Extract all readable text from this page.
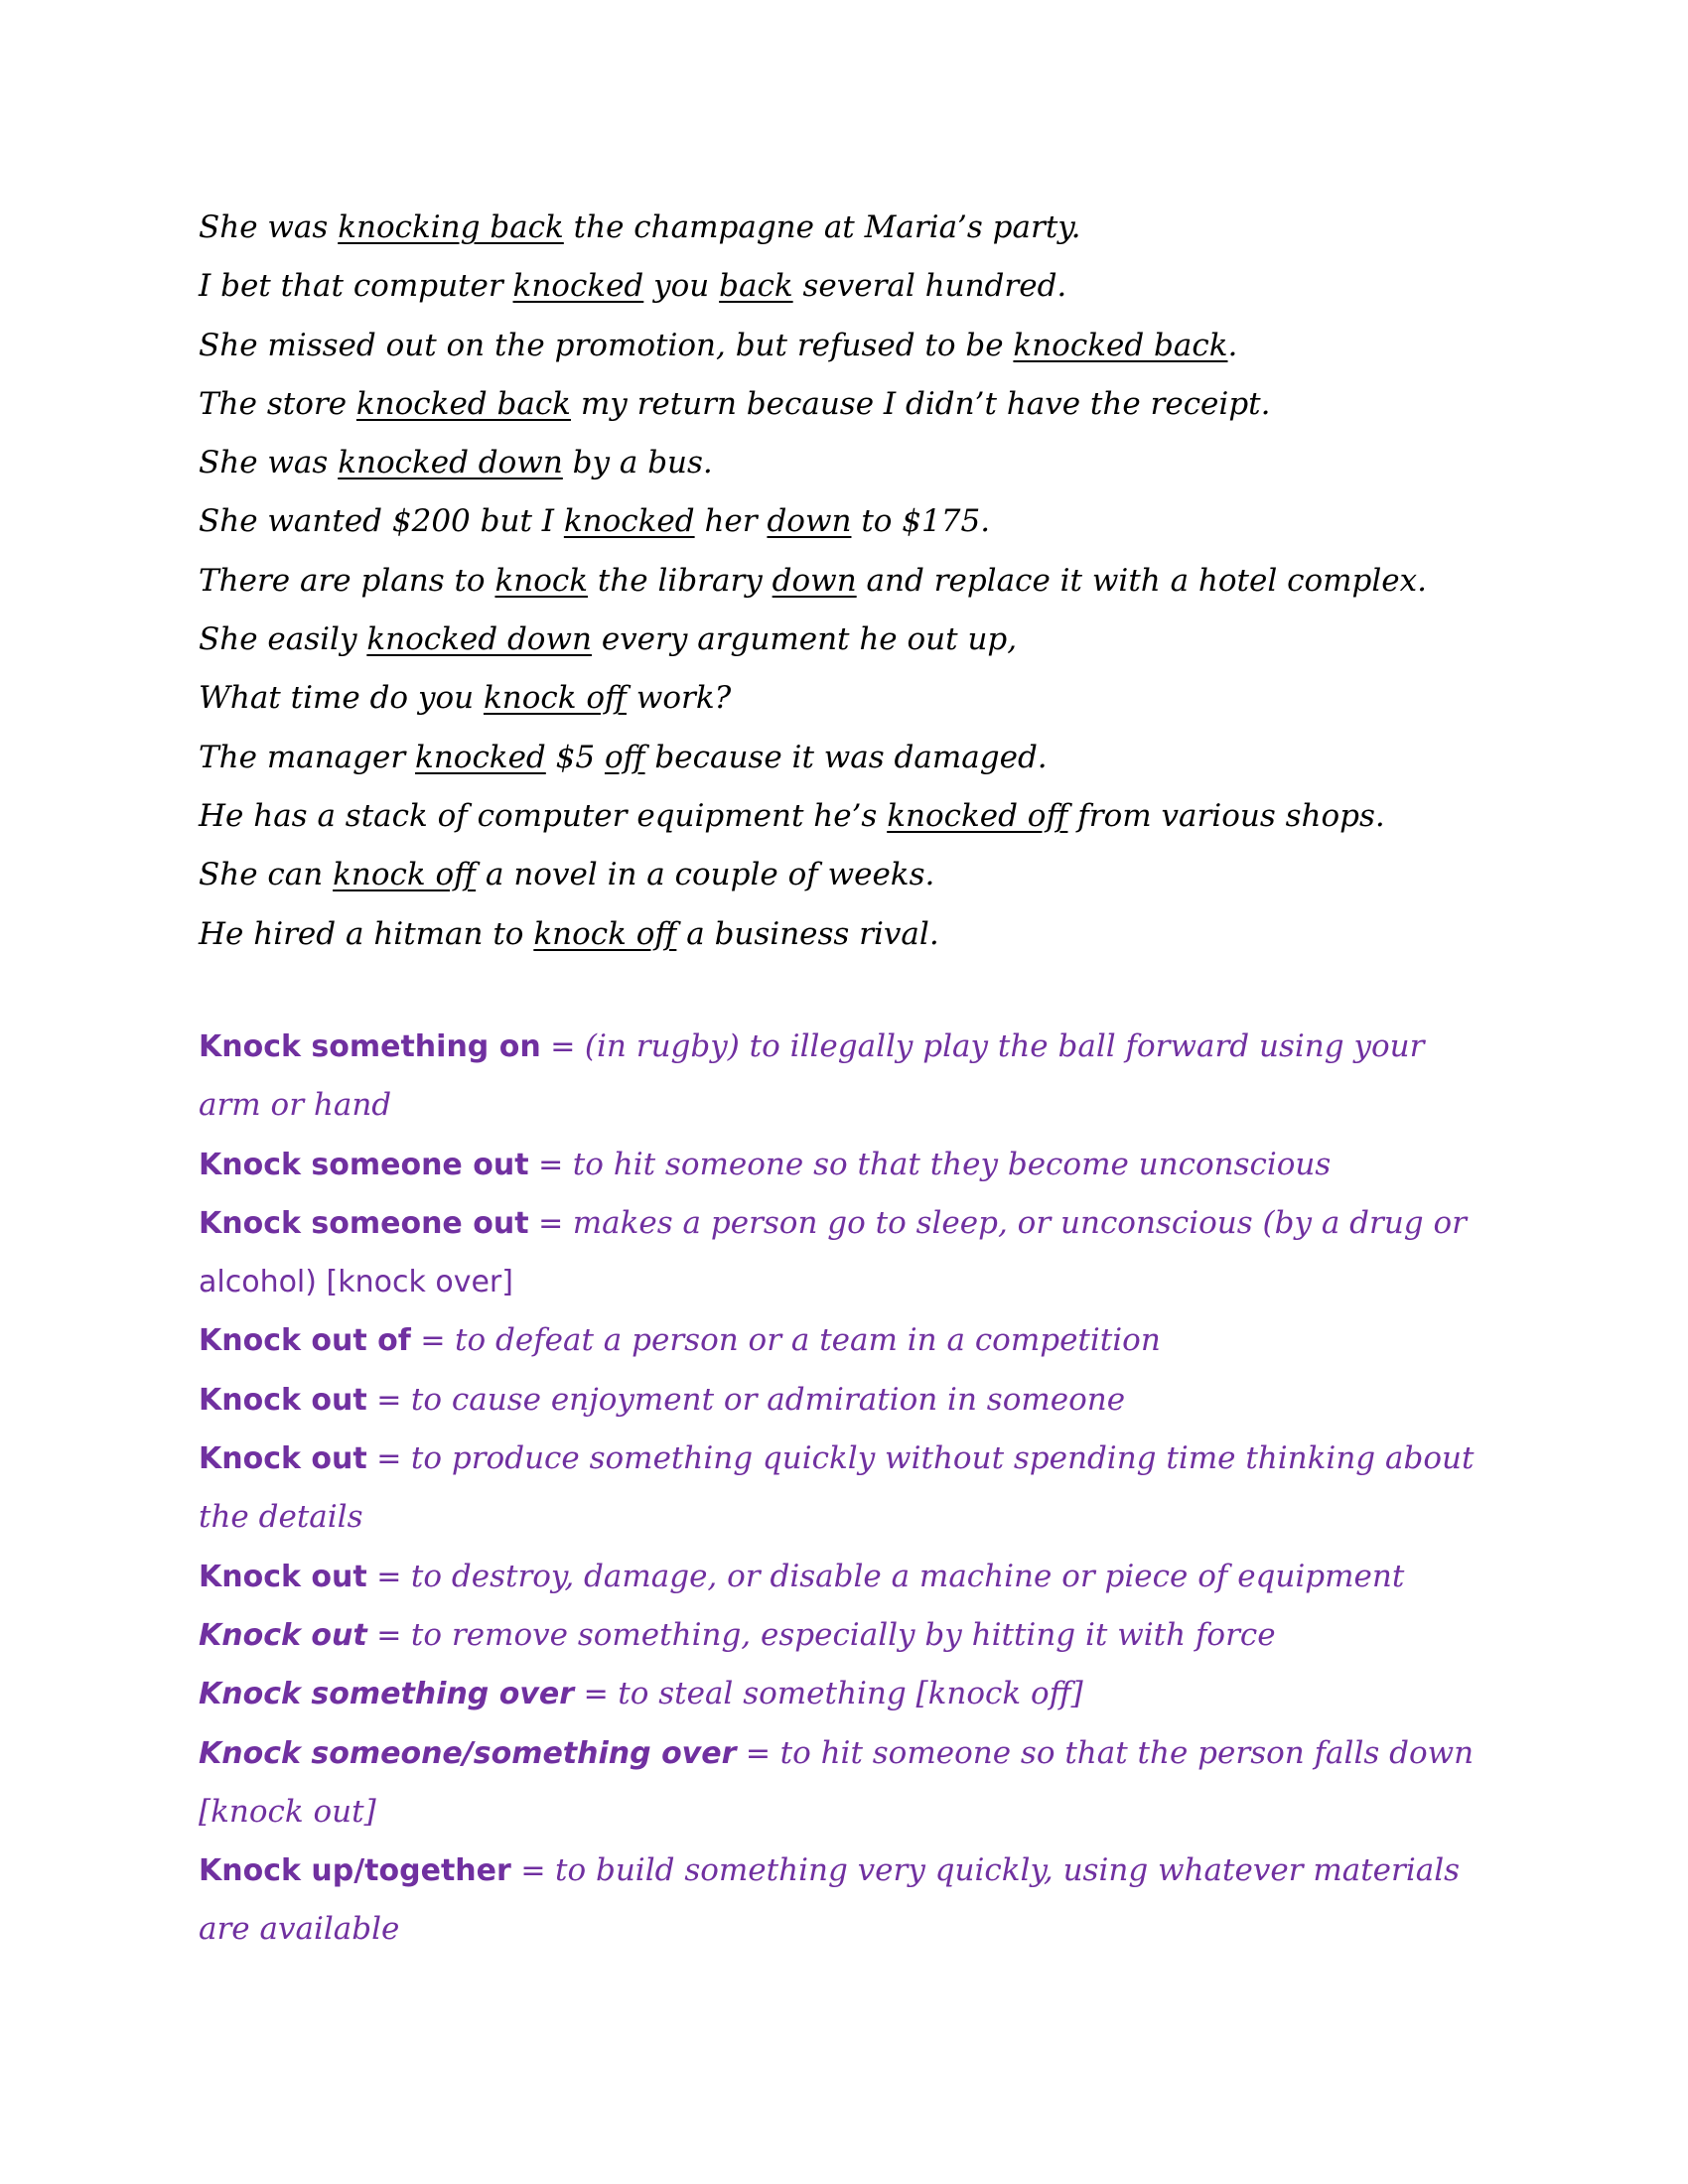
She was knocking back the champagne at Maria’s party.
I bet that computer knocked you back several hundred.
She missed out on the promotion, but refused to be knocked back.
The store knocked back my return because I didn’t have the receipt.
She was knocked down by a bus.
She wanted $200 but I knocked her down to $175.
There are plans to knock the library down and replace it with a hotel complex.
She easily knocked down every argument he out up,
What time do you knock off work?
The manager knocked $5 off because it was damaged.
He has a stack of computer equipment he’s knocked off from various shops.
She can knock off a novel in a couple of weeks.
He hired a hitman to knock off a business rival.
Knock something on = (in rugby) to illegally play the ball forward using your arm or hand
Knock someone out = to hit someone so that they become unconscious
Knock someone out = makes a person go to sleep, or unconscious (by a drug or
alcohol) [knock over]
Knock out of = to defeat a person or a team in a competition
Knock out = to cause enjoyment or admiration in someone
Knock out = to produce something quickly without spending time thinking about the details
Knock out = to destroy, damage, or disable a machine or piece of equipment
Knock out = to remove something, especially by hitting it with force
Knock something over = to steal something [knock off]
Knock someone/something over = to hit someone so that the person falls down [knock out]
Knock up/together = to build something very quickly, using whatever materials are available
